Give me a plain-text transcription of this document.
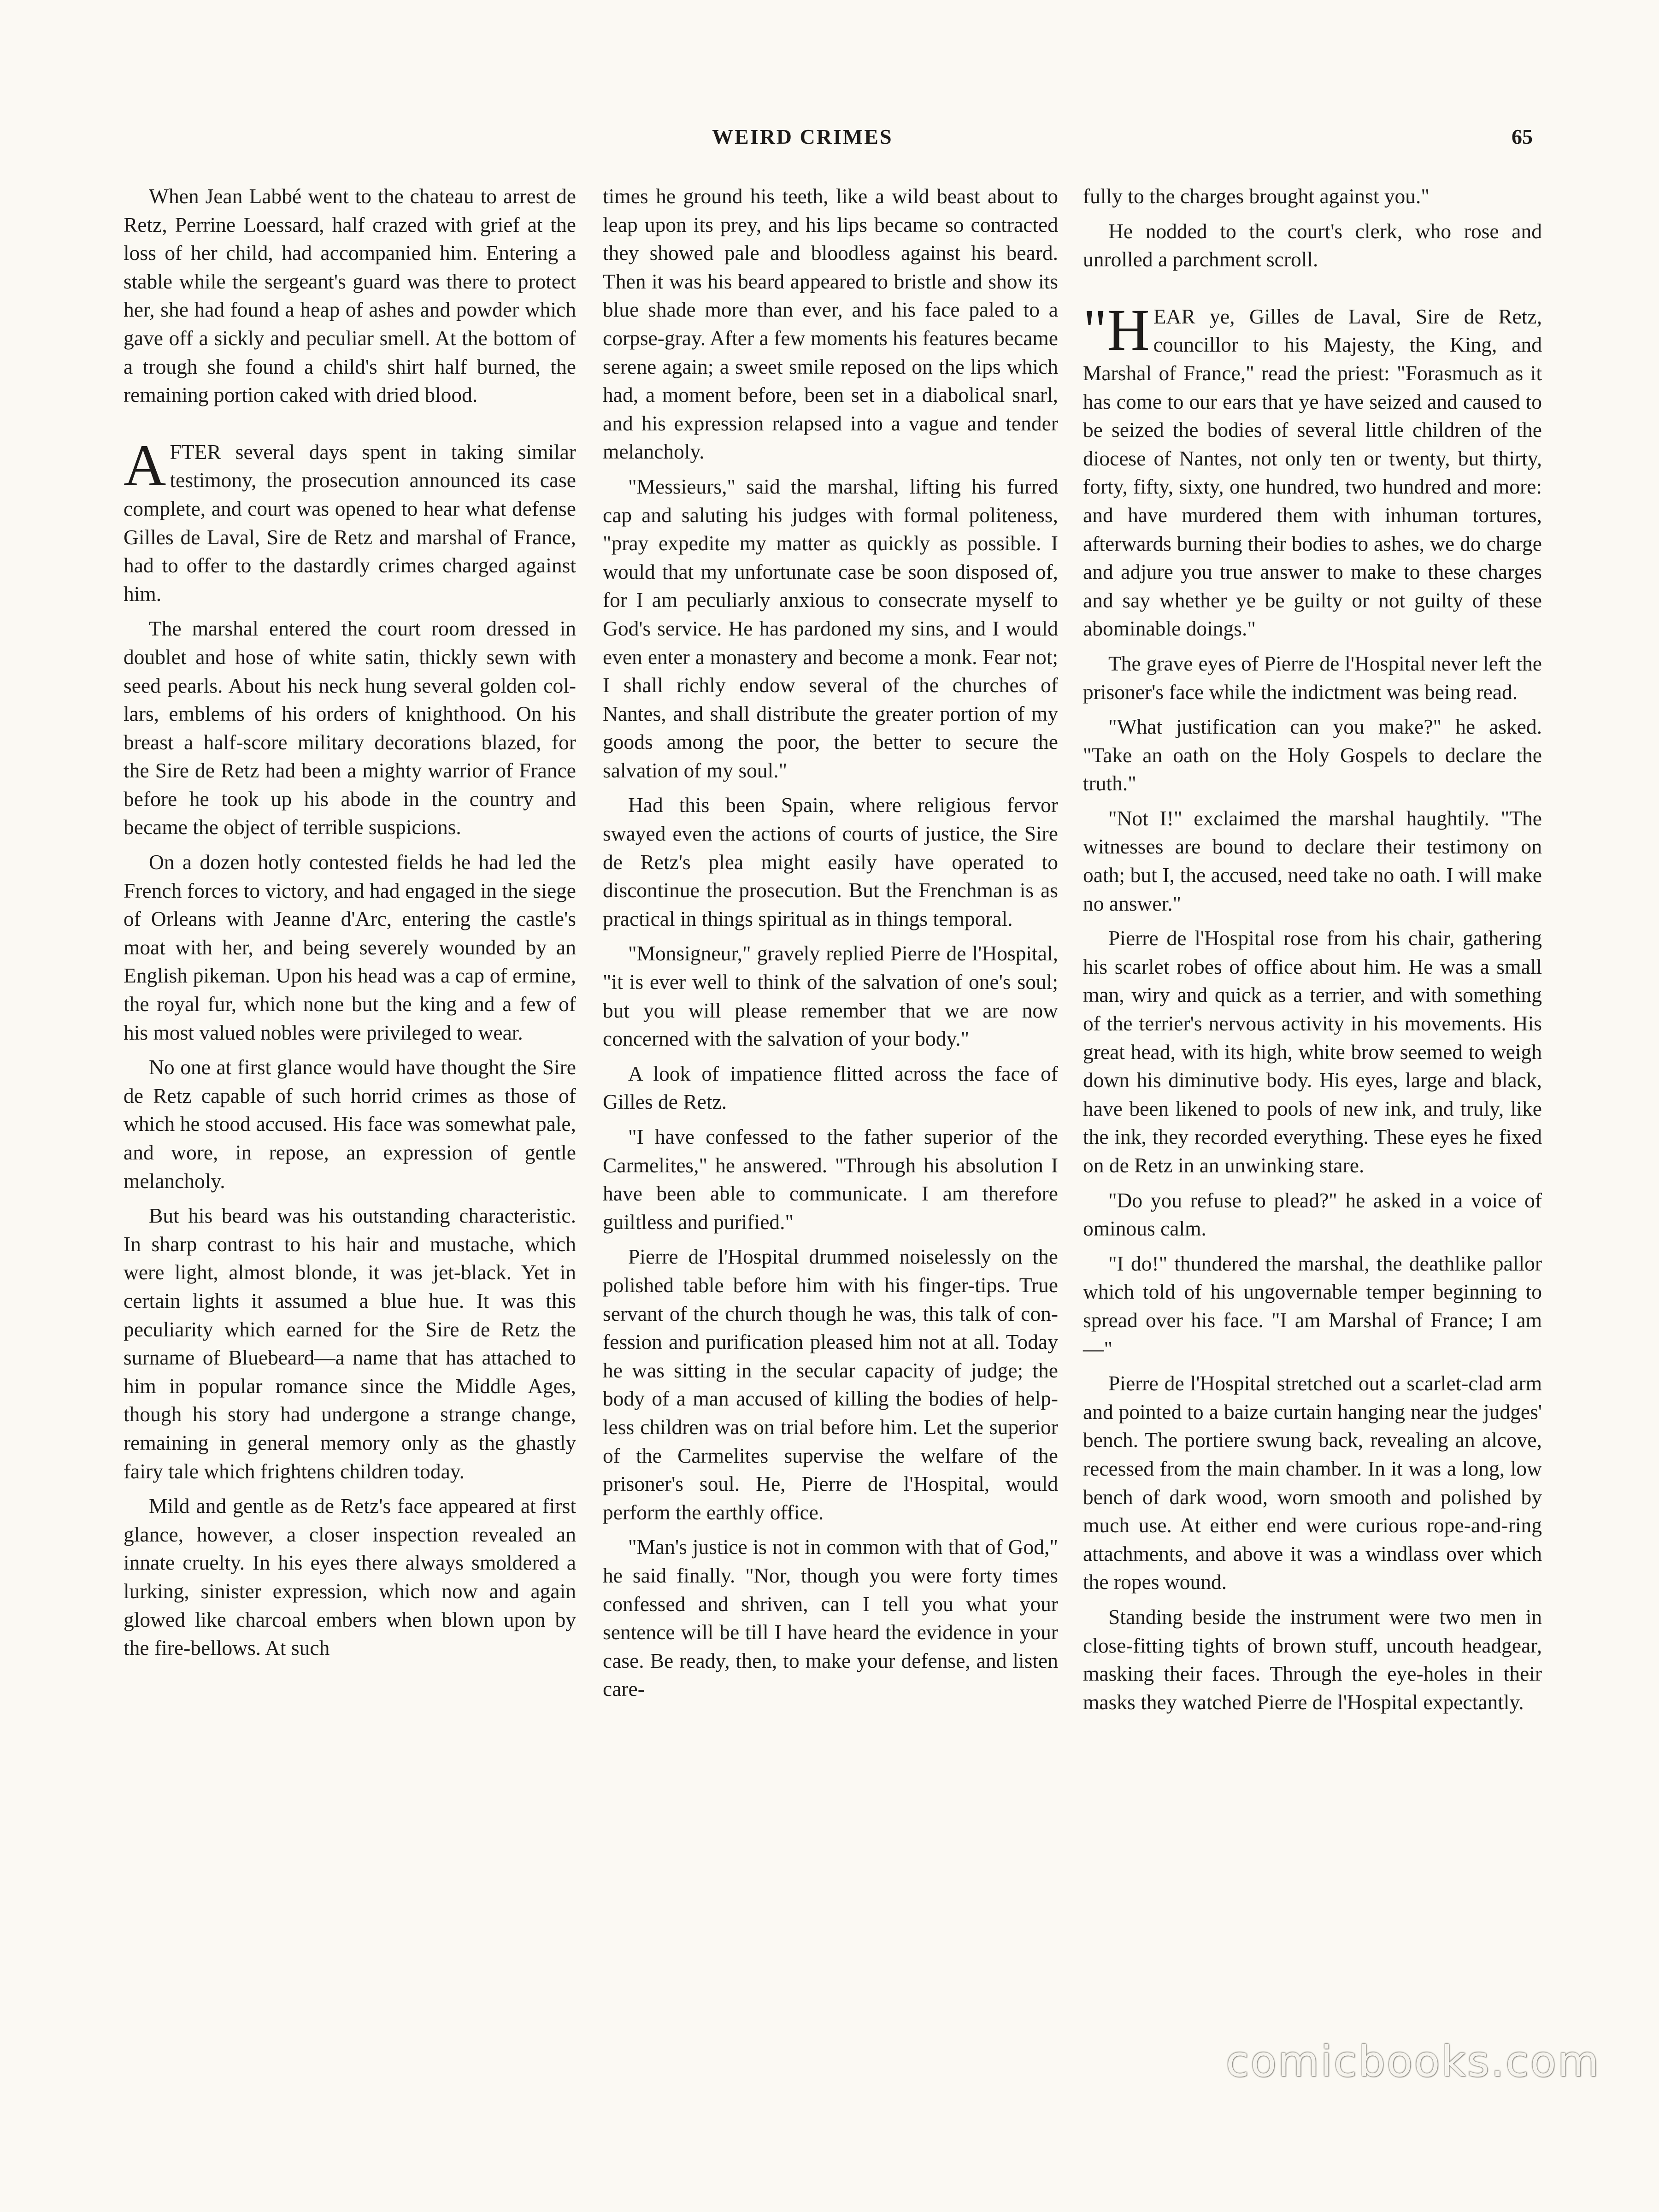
WEIRD CRIMES	65

When Jean Labbé went to the chateau to arrest de Retz, Perrine Loessard, half crazed with grief at the loss of her child, had accompanied him. Entering a stable while the sergeant's guard was there to protect her, she had found a heap of ashes and powder which gave off a sickly and peculiar smell. At the bottom of a trough she found a child's shirt half burned, the remaining portion caked with dried blood.

AFTER several days spent in taking similar testimony, the prosecution announced its case complete, and court was opened to hear what defense Gilles de Laval, Sire de Retz and marshal of France, had to offer to the dastardly crimes charged against him.

The marshal entered the court room dressed in doublet and hose of white satin, thickly sewn with seed pearls. About his neck hung several golden collars, emblems of his orders of knighthood. On his breast a half-score military decorations blazed, for the Sire de Retz had been a mighty warrior of France before he took up his abode in the country and became the object of terrible suspicions.

On a dozen hotly contested fields he had led the French forces to victory, and had engaged in the siege of Orleans with Jeanne d'Arc, entering the castle's moat with her, and being severely wounded by an English pikeman. Upon his head was a cap of ermine, the royal fur, which none but the king and a few of his most valued nobles were privileged to wear.

No one at first glance would have thought the Sire de Retz capable of such horrid crimes as those of which he stood accused. His face was somewhat pale, and wore, in repose, an expression of gentle melancholy.

But his beard was his outstanding characteristic. In sharp contrast to his hair and mustache, which were light, almost blonde, it was jet-black. Yet in certain lights it assumed a blue hue. It was this peculiarity which earned for the Sire de Retz the surname of Bluebeard—a name that has attached to him in popular romance since the Middle Ages, though his story had undergone a strange change, remaining in general memory only as the ghastly fairy tale which frightens children today.

Mild and gentle as de Retz's face appeared at first glance, however, a closer inspection revealed an innate cruelty. In his eyes there always smoldered a lurking, sinister expression, which now and again glowed like charcoal embers when blown upon by the fire-bellows. At such

times he ground his teeth, like a wild beast about to leap upon its prey, and his lips became so contracted they showed pale and bloodless against his beard. Then it was his beard appeared to bristle and show its blue shade more than ever, and his face paled to a corpse-gray. After a few moments his features became serene again; a sweet smile reposed on the lips which had, a moment before, been set in a diabolical snarl, and his expression relapsed into a vague and tender melancholy.

"Messieurs," said the marshal, lifting his furred cap and saluting his judges with formal politeness, "pray expedite my matter as quickly as possible. I would that my unfortunate case be soon disposed of, for I am peculiarly anxious to consecrate myself to God's service. He has pardoned my sins, and I would even enter a monastery and become a monk. Fear not; I shall richly endow several of the churches of Nantes, and shall distribute the greater portion of my goods among the poor, the better to secure the salvation of my soul."

Had this been Spain, where religious fervor swayed even the actions of courts of justice, the Sire de Retz's plea might easily have operated to discontinue the prosecution. But the Frenchman is as practical in things spiritual as in things temporal.

"Monsigneur," gravely replied Pierre de l'Hospital, "it is ever well to think of the salvation of one's soul; but you will please remember that we are now concerned with the salvation of your body."

A look of impatience flitted across the face of Gilles de Retz.

"I have confessed to the father superior of the Carmelites," he answered. "Through his absolution I have been able to communicate. I am therefore guiltless and purified."

Pierre de l'Hospital drummed noiselessly on the polished table before him with his finger-tips. True servant of the church though he was, this talk of confession and purification pleased him not at all. Today he was sitting in the secular capacity of judge; the body of a man accused of killing the bodies of helpless children was on trial before him. Let the superior of the Carmelites supervise the welfare of the prisoner's soul. He, Pierre de l'Hospital, would perform the earthly office.

"Man's justice is not in common with that of God," he said finally. "Nor, though you were forty times confessed and shriven, can I tell you what your sentence will be till I have heard the evidence in your case. Be ready, then, to make your defense, and listen care-

fully to the charges brought against you."

He nodded to the court's clerk, who rose and unrolled a parchment scroll.

"HEAR ye, Gilles de Laval, Sire de Retz, councillor to his Majesty, the King, and Marshal of France," read the priest: "Forasmuch as it has come to our ears that ye have seized and caused to be seized the bodies of several little children of the diocese of Nantes, not only ten or twenty, but thirty, forty, fifty, sixty, one hundred, two hundred and more: and have murdered them with inhuman tortures, afterwards burning their bodies to ashes, we do charge and adjure you true answer to make to these charges and say whether ye be guilty or not guilty of these abominable doings."

The grave eyes of Pierre de l'Hospital never left the prisoner's face while the indictment was being read.

"What justification can you make?" he asked. "Take an oath on the Holy Gospels to declare the truth."

"Not I!" exclaimed the marshal haughtily. "The witnesses are bound to declare their testimony on oath; but I, the accused, need take no oath. I will make no answer."

Pierre de l'Hospital rose from his chair, gathering his scarlet robes of office about him. He was a small man, wiry and quick as a terrier, and with something of the terrier's nervous activity in his movements. His great head, with its high, white brow seemed to weigh down his diminutive body. His eyes, large and black, have been likened to pools of new ink, and truly, like the ink, they recorded everything. These eyes he fixed on de Retz in an unwinking stare.

"Do you refuse to plead?" he asked in a voice of ominous calm.

"I do!" thundered the marshal, the deathlike pallor which told of his ungovernable temper beginning to spread over his face. "I am Marshal of France; I am—"

Pierre de l'Hospital stretched out a scarlet-clad arm and pointed to a baize curtain hanging near the judges' bench. The portiere swung back, revealing an alcove, recessed from the main chamber. In it was a long, low bench of dark wood, worn smooth and polished by much use. At either end were curious rope-and-ring attachments, and above it was a windlass over which the ropes wound.

Standing beside the instrument were two men in close-fitting tights of brown stuff, uncouth headgear, masking their faces. Through the eye-holes in their masks they watched Pierre de l'Hospital expectantly.

comicbooks.com
